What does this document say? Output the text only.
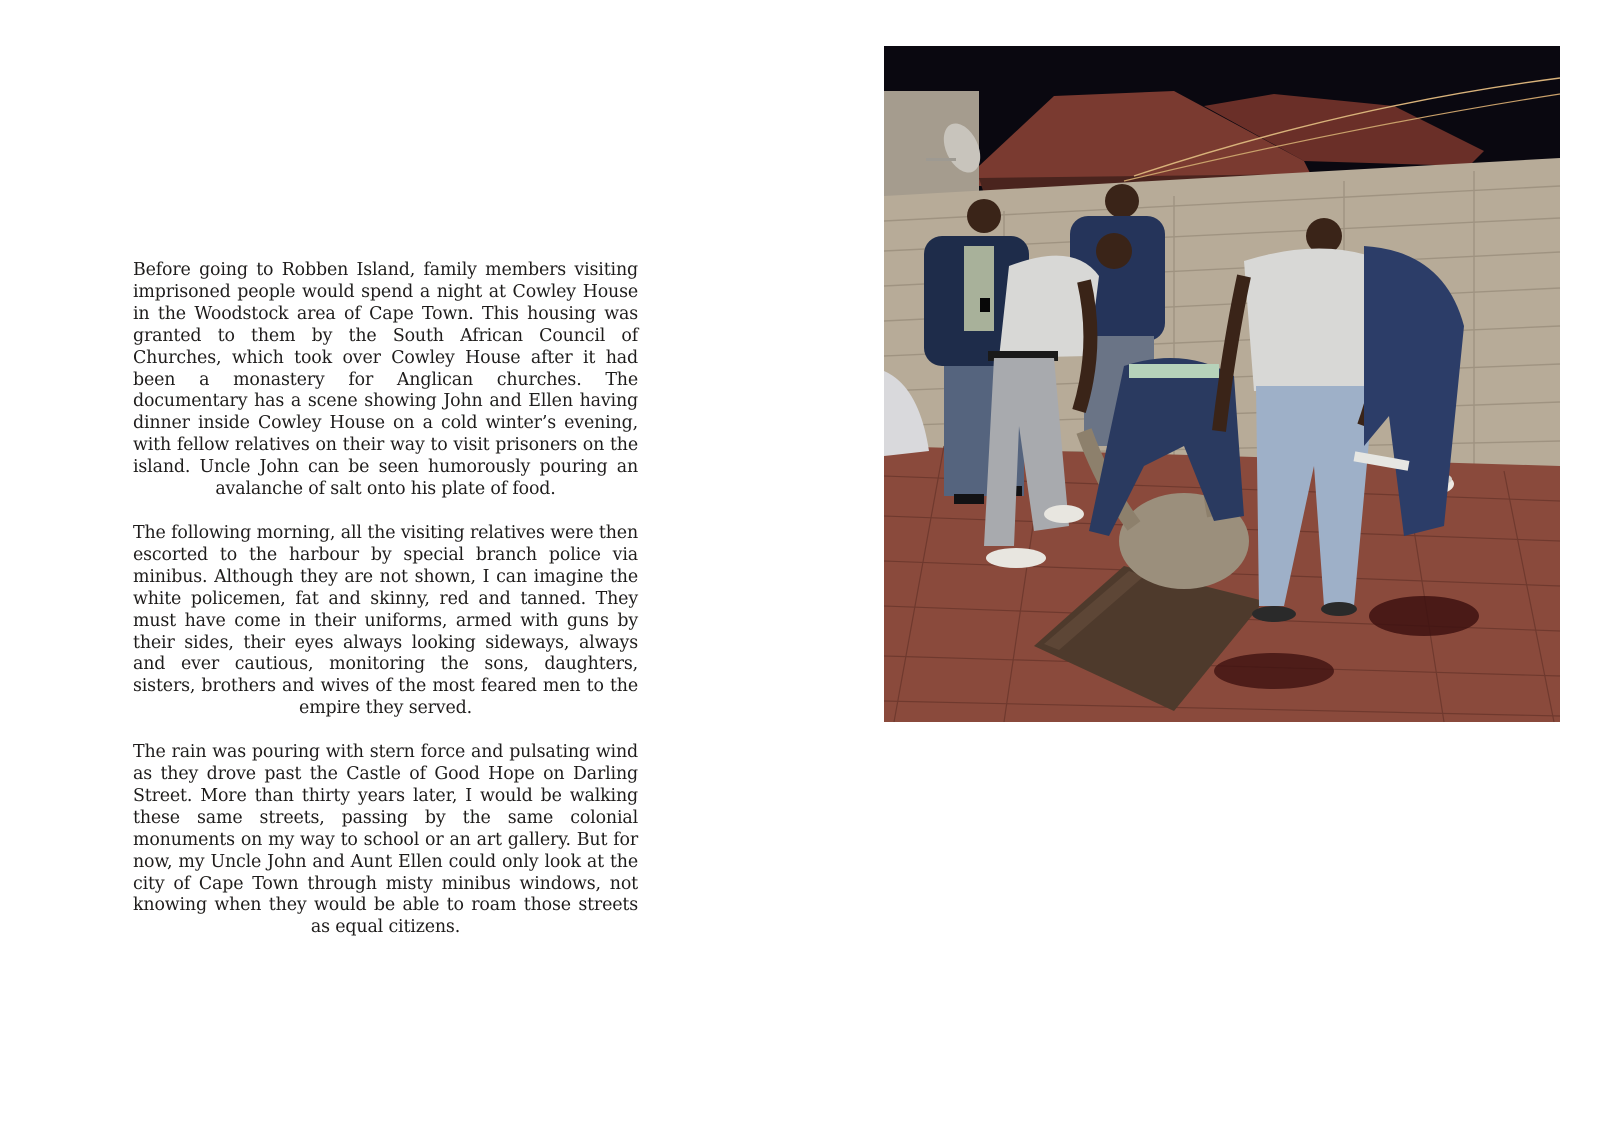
Before going to Robben Island, family members visiting imprisoned people would spend a night at Cowley House in the Woodstock area of Cape Town. This housing was granted to them by the South African Council of Churches, which took over Cowley House after it had been a monastery for Anglican churches. The documentary has a scene showing John and Ellen having dinner inside Cowley House on a cold winter’s evening, with fellow relatives on their way to visit prisoners on the island. Uncle John can be seen humorously pouring an avalanche of salt onto his plate of food.

The following morning, all the visiting relatives were then escorted to the harbour by special branch police via minibus. Although they are not shown, I can imagine the white policemen, fat and skinny, red and tanned. They must have come in their uniforms, armed with guns by their sides, their eyes always looking sideways, always and ever cautious, monitoring the sons, daughters, sisters, brothers and wives of the most feared men to the empire they served.

The rain was pouring with stern force and pulsating wind as they drove past the Castle of Good Hope on Darling Street. More than thirty years later, I would be walking these same streets, passing by the same colonial monuments on my way to school or an art gallery. But for now, my Uncle John and Aunt Ellen could only look at the city of Cape Town through misty minibus windows, not knowing when they would be able to roam those streets as equal citizens.
